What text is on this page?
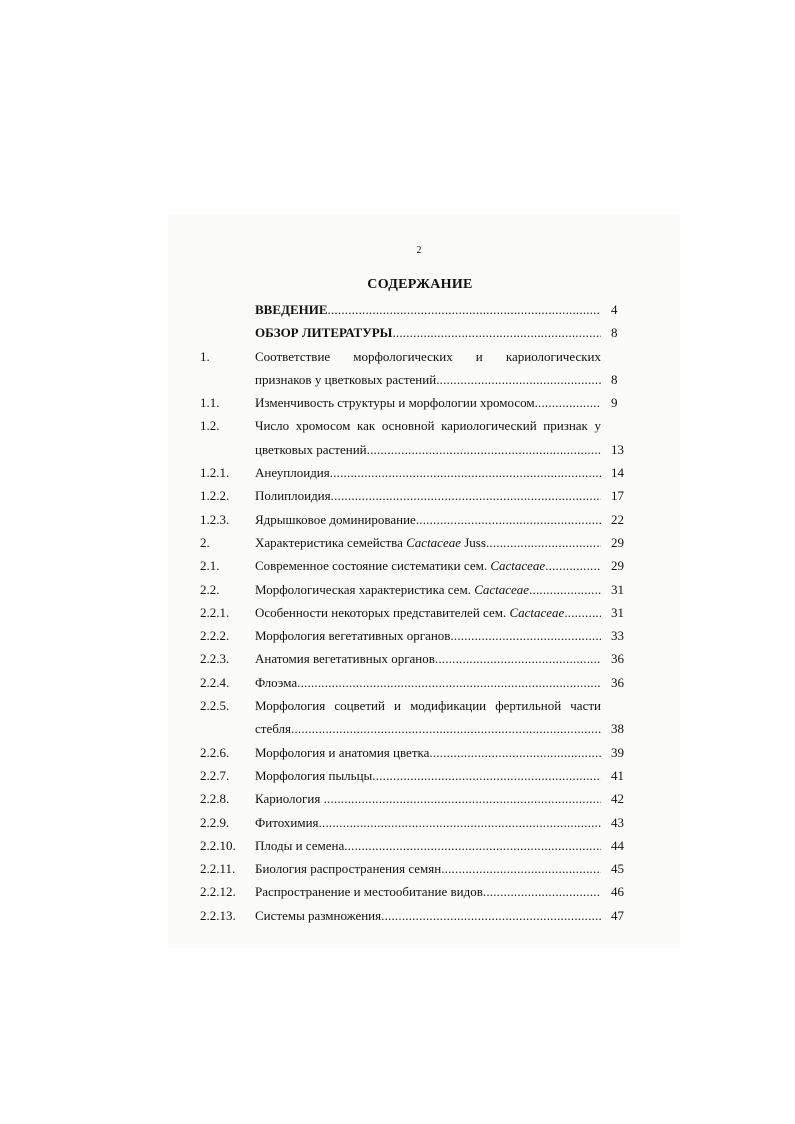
2
СОДЕРЖАНИЕ
ВВЕДЕНИЕ .....	4
ОБЗОР ЛИТЕРАТУРЫ .....	8
1.	Соответствие морфологических и кариологических
признаков у цветковых растений .....	8
1.1.	Изменчивость структуры и морфологии хромосом .....	9
1.2.	Число хромосом как основной кариологический признак у
цветковых растений .....	13
1.2.1. Анеуплоидия .....	14
1.2.2. Полиплоидия .....	17
1.2.3. Ядрышковое доминирование .....	22
2.	Характеристика семейства Cactaceae Juss .....	29
2.1.	Современное состояние систематики сем. Cactaceae .....	29
2.2.	Морфологическая характеристика сем. Cactaceae .....	31
2.2.1. Особенности некоторых представителей сем. Cactaceae .....	31
2.2.2. Морфология вегетативных органов .....	33
2.2.3. Анатомия вегетативных органов .....	36
2.2.4. Флоэма .....	36
2.2.5. Морфология соцветий и модификации фертильной части
стебля .....	38
2.2.6. Морфология и анатомия цветка .....	39
2.2.7. Морфология пыльцы .....	41
2.2.8. Кариология .....	42
2.2.9. Фитохимия .....	43
2.2.10. Плоды и семена .....	44
2.2.11. Биология распространения семян .....	45
2.2.12. Распространение и местообитание видов .....	46
2.2.13. Системы размножения .....	47
